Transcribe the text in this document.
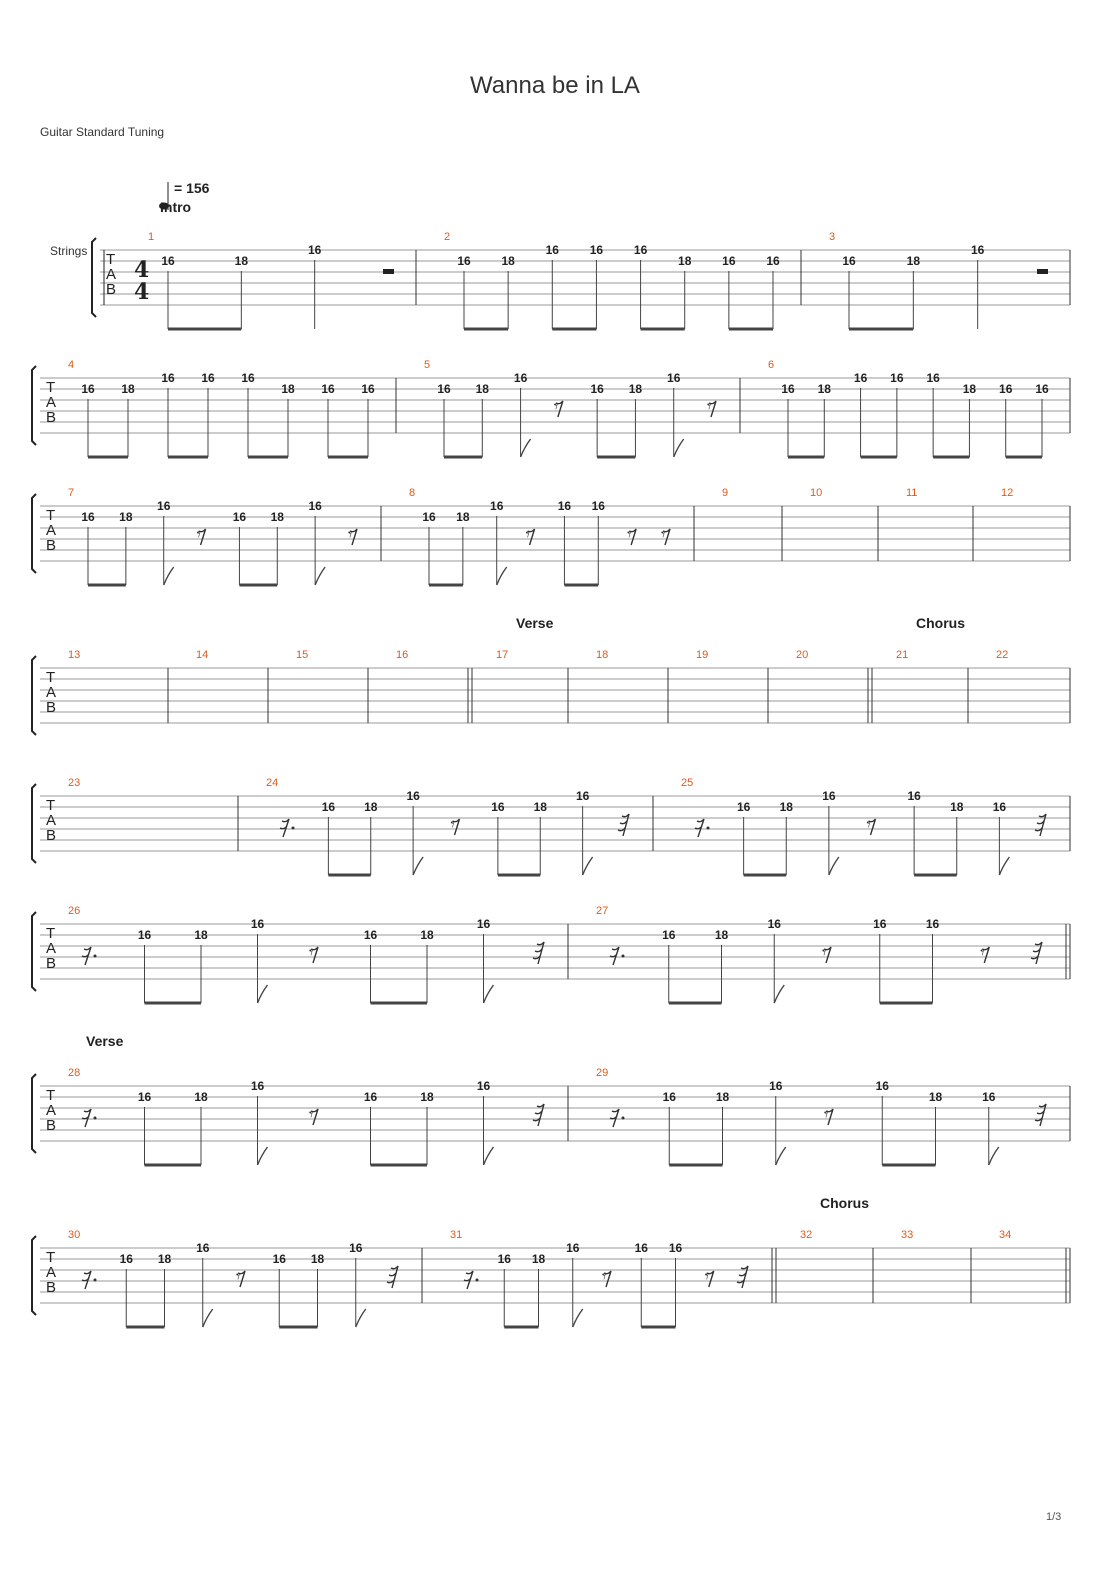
Wanna be in LA
Guitar Standard Tuning
1/3
T
A
B
Strings
4
4
= 156
1
Intro
16	18
16
2
16	18
16	16	16
18	16	16
3
16	18
16
T
A
B
4
16 18
16 16 16
18 16 16
5
16 18
16
𝄾
16 18
16
𝄾
6
16 18
16 16 16
18 16 16
T
A
B
7
16 18
16
𝄾
16 18
16
𝄾
8
16 18
16
𝄾
16 16
𝄾 𝄾
9	10	11	12
T
A
B
13	14	15	16	17
Verse
18	19	20	21
Chorus
22
T
A
B
23	24
16 18
16
𝄾
16 18
16
25
16 18
16
𝄾
16
18 16
T
A
B
26
16	18
16
𝄾
16	18
16
27
16	18
16
𝄾
16	16
𝄾
T
A
B
28
Verse
16	18
16
𝄾
16	18
16
29
16	18
16
𝄾
16
18	16
T
A
B
30
16 18
16
𝄾
16 18
16
31
16 18
16
𝄾
16 16
𝄾
32
Chorus
33	34
